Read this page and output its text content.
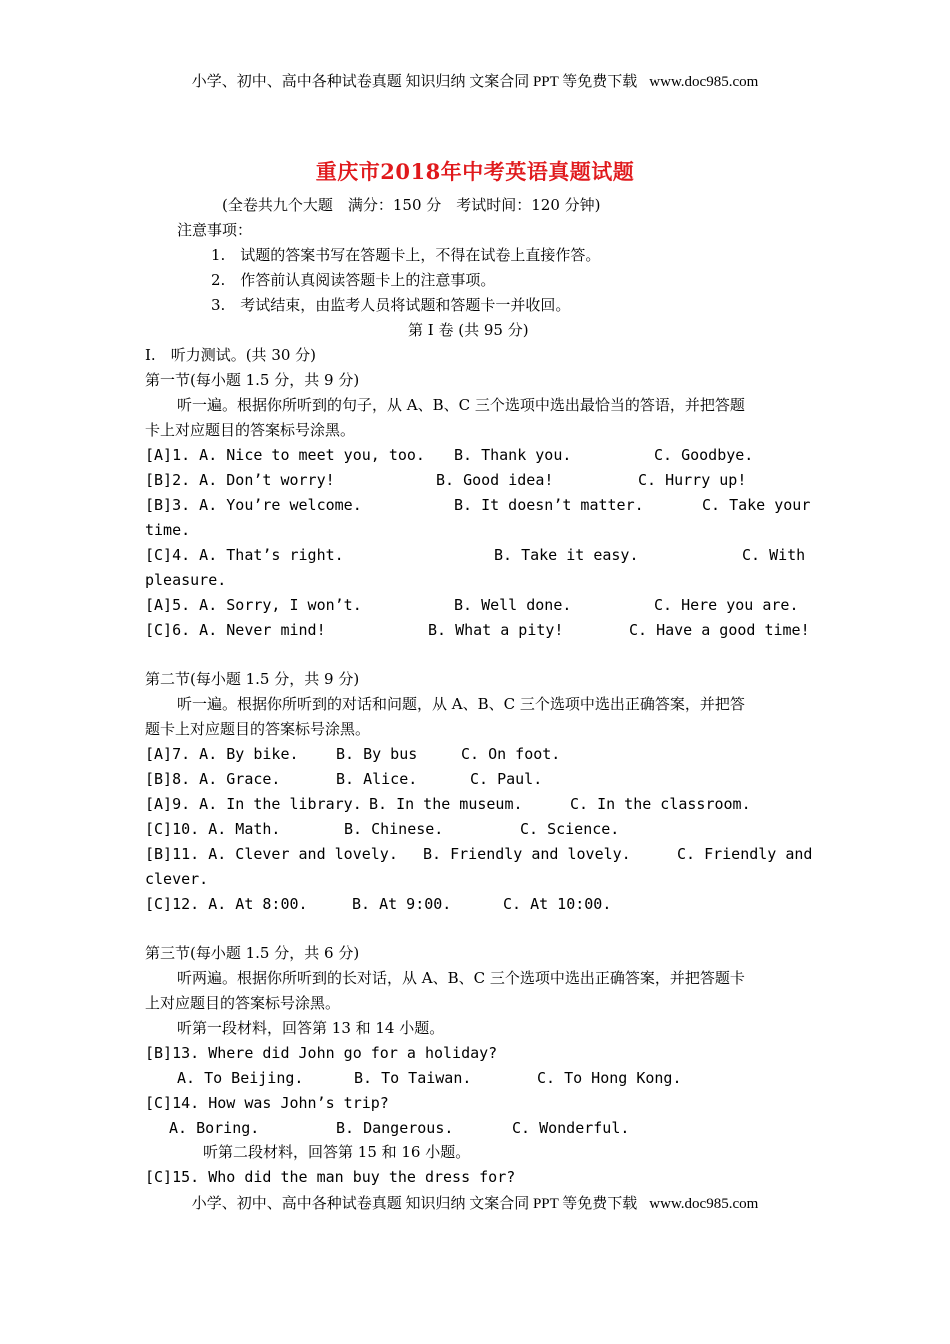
小学、初中、高中各种试卷真题 知识归纳 文案合同 PPT 等免费下载 www.doc985.com
重庆市2018年中考英语真题试题
(全卷共九个大题　满分：150 分　考试时间：120 分钟)
注意事项：
1.　试题的答案书写在答题卡上，不得在试卷上直接作答。
2.　作答前认真阅读答题卡上的注意事项。
3.　考试结束，由监考人员将试题和答题卡一并收回。
第 I 卷 (共 95 分)
I.　听力测试。(共 30 分)
第一节(每小题 1.5 分，共 9 分)
听一遍。根据你所听到的句子，从 A、B、C 三个选项中选出最恰当的答语，并把答题
卡上对应题目的答案标号涂黑。
[A]1. A. Nice to meet you, too. B. Thank you.	C. Goodbye.
[B]2. A. Don’t worry!	B. Good idea!	C. Hurry up!
[B]3. A. You’re welcome.	B. It doesn’t matter.	C. Take your
time.
[C]4. A. That’s right.	B. Take it easy.	C. With
pleasure.
[A]5. A. Sorry, I won’t.	B. Well done.	C. Here you are.
[C]6. A. Never mind!	B. What a pity!	C. Have a good time!
第二节(每小题 1.5 分，共 9 分)
听一遍。根据你所听到的对话和问题，从 A、B、C 三个选项中选出正确答案，并把答
题卡上对应题目的答案标号涂黑。
[A]7. A. By bike. B. By bus	C. On foot.
[B]8. A. Grace.	B. Alice.	C. Paul.
[A]9. A. In the library. B. In the museum.	C. In the classroom.
[C]10. A. Math.	B. Chinese.	C. Science.
[B]11. A. Clever and lovely. B. Friendly and lovely.	C. Friendly and
clever.
[C]12. A. At 8:00.	B. At 9:00.	C. At 10:00.
第三节(每小题 1.5 分，共 6 分)
听两遍。根据你所听到的长对话，从 A、B、C 三个选项中选出正确答案，并把答题卡
上对应题目的答案标号涂黑。
听第一段材料，回答第 13 和 14 小题。
[B]13. Where did John go for a holiday?
A. To Beijing.	B. To Taiwan.	C. To Hong Kong.
[C]14. How was John’s trip?
A. Boring.	B. Dangerous.	C. Wonderful.
听第二段材料，回答第 15 和 16 小题。
[C]15. Who did the man buy the dress for?
小学、初中、高中各种试卷真题 知识归纳 文案合同 PPT 等免费下载 www.doc985.com
